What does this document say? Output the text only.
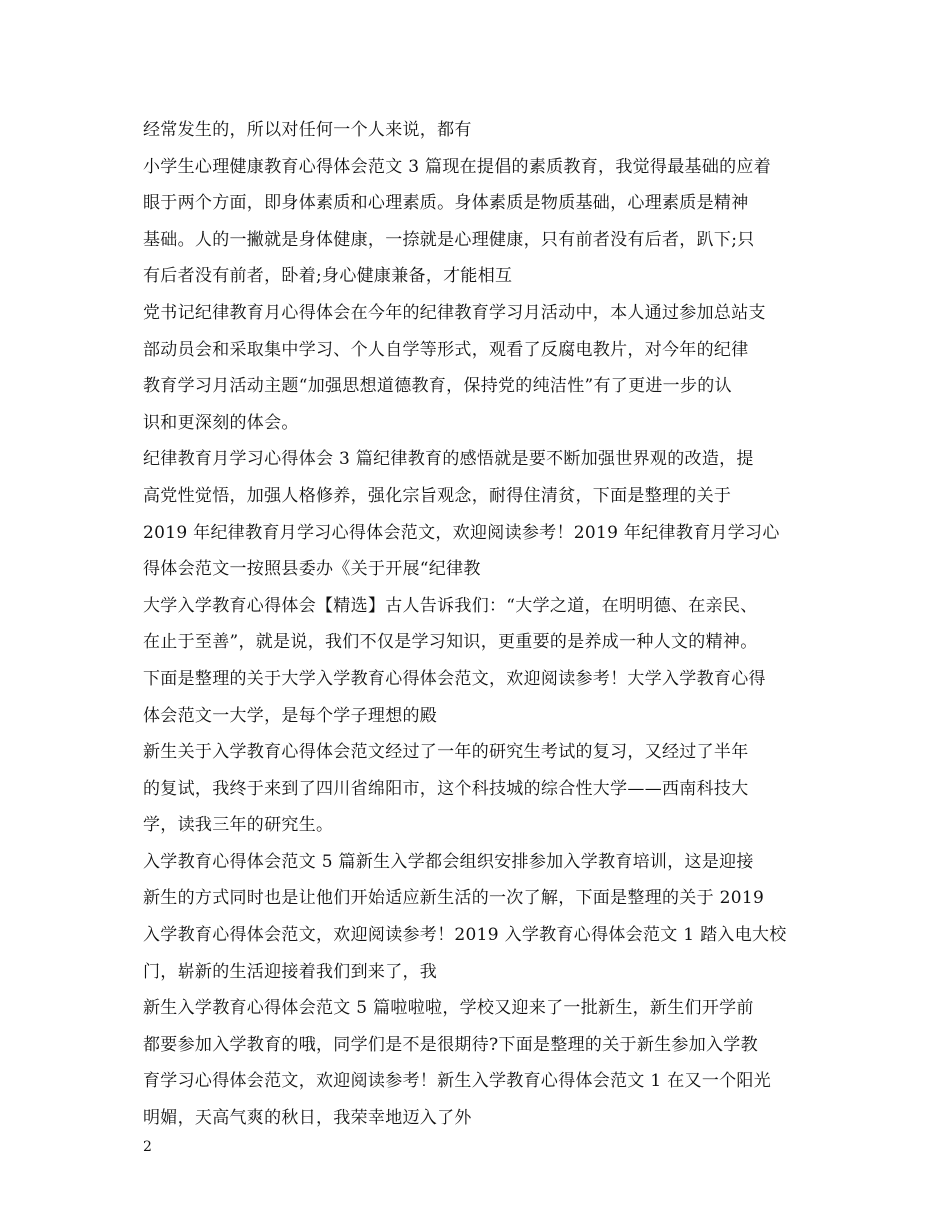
经常发生的，所以对任何一个人来说，都有
小学生心理健康教育心得体会范文 3 篇现在提倡的素质教育，我觉得最基础的应着
眼于两个方面，即身体素质和心理素质。身体素质是物质基础，心理素质是精神
基础。人的一撇就是身体健康，一捺就是心理健康，只有前者没有后者，趴下;只
有后者没有前者，卧着;身心健康兼备，才能相互
党书记纪律教育月心得体会在今年的纪律教育学习月活动中，本人通过参加总站支
部动员会和采取集中学习、个人自学等形式，观看了反腐电教片，对今年的纪律
教育学习月活动主题“加强思想道德教育，保持党的纯洁性”有了更进一步的认
识和更深刻的体会。
纪律教育月学习心得体会 3 篇纪律教育的感悟就是要不断加强世界观的改造，提
高党性觉悟，加强人格修养，强化宗旨观念，耐得住清贫，下面是整理的关于
2019 年纪律教育月学习心得体会范文，欢迎阅读参考！2019 年纪律教育月学习心
得体会范文一按照县委办《关于开展“纪律教
大学入学教育心得体会【精选】古人告诉我们：“大学之道，在明明德、在亲民、
在止于至善”，就是说，我们不仅是学习知识，更重要的是养成一种人文的精神。
下面是整理的关于大学入学教育心得体会范文，欢迎阅读参考！大学入学教育心得
体会范文一大学，是每个学子理想的殿
新生关于入学教育心得体会范文经过了一年的研究生考试的复习，又经过了半年
的复试，我终于来到了四川省绵阳市，这个科技城的综合性大学——西南科技大
学，读我三年的研究生。
入学教育心得体会范文 5 篇新生入学都会组织安排参加入学教育培训，这是迎接
新生的方式同时也是让他们开始适应新生活的一次了解，下面是整理的关于 2019
入学教育心得体会范文，欢迎阅读参考！2019 入学教育心得体会范文 1 踏入电大校
门，崭新的生活迎接着我们到来了，我
新生入学教育心得体会范文 5 篇啦啦啦，学校又迎来了一批新生，新生们开学前
都要参加入学教育的哦，同学们是不是很期待?下面是整理的关于新生参加入学教
育学习心得体会范文，欢迎阅读参考！新生入学教育心得体会范文 1 在又一个阳光
明媚，天高气爽的秋日，我荣幸地迈入了外
2
